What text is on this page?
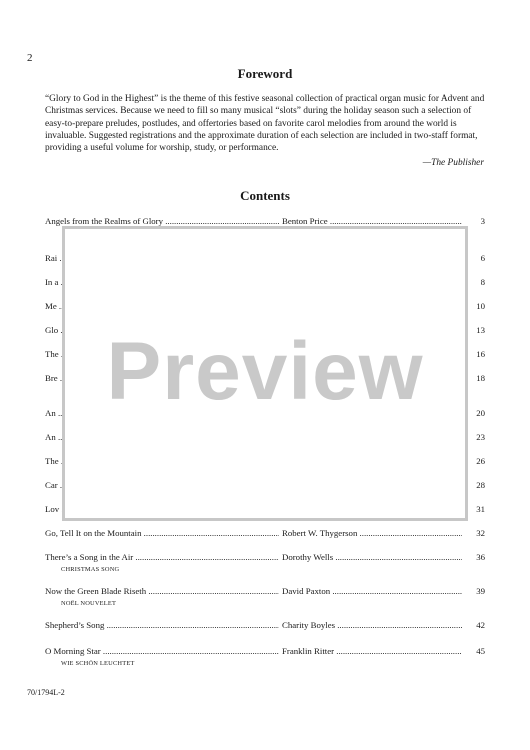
2
Foreword
“Glory to God in the Highest” is the theme of this festive seasonal collection of practical organ music for Advent and Christmas services. Because we need to fill so many musical “slots” during the holiday season such a selection of easy-to-prepare preludes, postludes, and offertories based on favorite carol melodies from around the world is invaluable. Suggested registrations and the approximate duration of each selection are included in two-staff format, providing a useful volume for worship, study, or performance.
—The Publisher
Contents
Angels from the Realms of Glory .....	Benton Price .....	3
Rai ..... .....	6
In a ..... .....	8
Me ..... .....	10
Glo ..... .....	13
The ..... .....	16
Bre ..... .....	18
An ..... .....	20
An ..... .....	23
The ..... .....	26
Car ..... .....	28
Lov ..... .....	31
Go, Tell It on the Mountain .....	Robert W. Thygerson .....	32
There’s a Song in the Air .....	Dorothy Wells .....	36
CHRISTMAS SONG
Now the Green Blade Riseth .....	David Paxton .....	39
NOËL NOUVELET
Shepherd’s Song .....	Charity Boyles .....	42
O Morning Star .....	Franklin Ritter .....	45
WIE SCHÖN LEUCHTET
Preview
70/1794L-2
